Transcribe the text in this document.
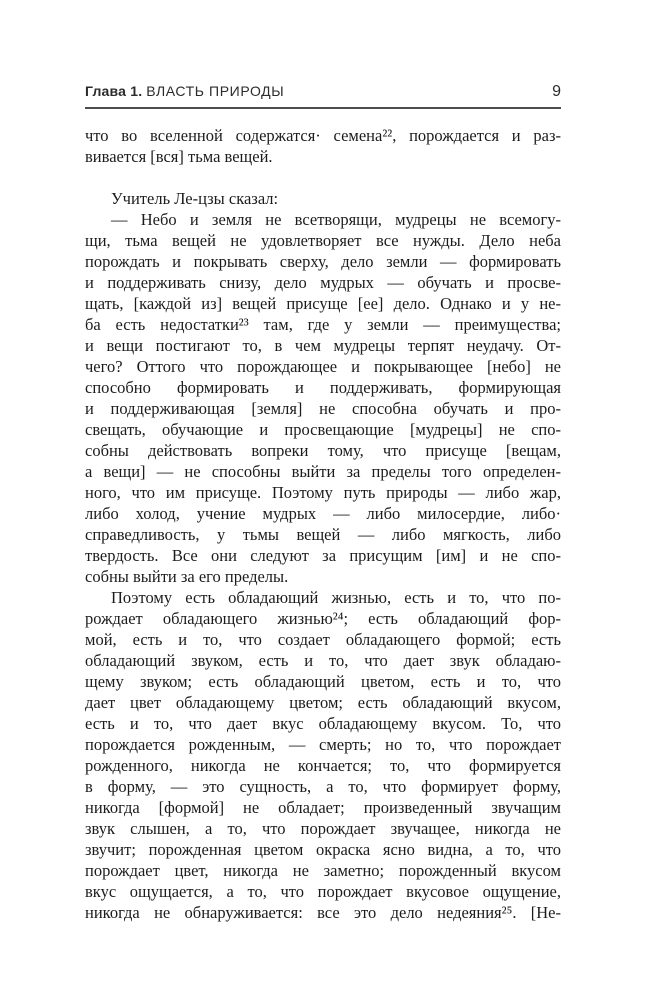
Глава 1. ВЛАСТЬ ПРИРОДЫ	9
что во вселенной содержатся· семена²², порождается и раз-
вивается [вся] тьма вещей.
Учитель Ле-цзы сказал:
— Небо и земля не всетворящи, мудрецы не всемогу-
щи, тьма вещей не удовлетворяет все нужды. Дело неба
порождать и покрывать сверху, дело земли — формировать
и поддерживать снизу, дело мудрых — обучать и просве-
щать, [каждой из] вещей присуще [ее] дело. Однако и у не-
ба есть недостатки²³ там, где у земли — преимущества;
и вещи постигают то, в чем мудрецы терпят неудачу. От-
чего? Оттого что порождающее и покрывающее [небо] не
способно формировать и поддерживать, формирующая
и поддерживающая [земля] не способна обучать и про-
свещать, обучающие и просвещающие [мудрецы] не спо-
собны действовать вопреки тому, что присуще [вещам,
а вещи] — не способны выйти за пределы того определен-
ного, что им присуще. Поэтому путь природы — либо жар,
либо холод, учение мудрых — либо милосердие, либо·
справедливость, у тьмы вещей — либо мягкость, либо
твердость. Все они следуют за присущим [им] и не спо-
собны выйти за его пределы.
Поэтому есть обладающий жизнью, есть и то, что по-
рождает обладающего жизнью²⁴; есть обладающий фор-
мой, есть и то, что создает обладающего формой; есть
обладающий звуком, есть и то, что дает звук обладаю-
щему звуком; есть обладающий цветом, есть и то, что
дает цвет обладающему цветом; есть обладающий вкусом,
есть и то, что дает вкус обладающему вкусом. То, что
порождается рожденным, — смерть; но то, что порождает
рожденного, никогда не кончается; то, что формируется
в форму, — это сущность, а то, что формирует форму,
никогда [формой] не обладает; произведенный звучащим
звук слышен, а то, что порождает звучащее, никогда не
звучит; порожденная цветом окраска ясно видна, а то, что
порождает цвет, никогда не заметно; порожденный вкусом
вкус ощущается, а то, что порождает вкусовое ощущение,
никогда не обнаруживается: все это дело недеяния²⁵. [Не-
